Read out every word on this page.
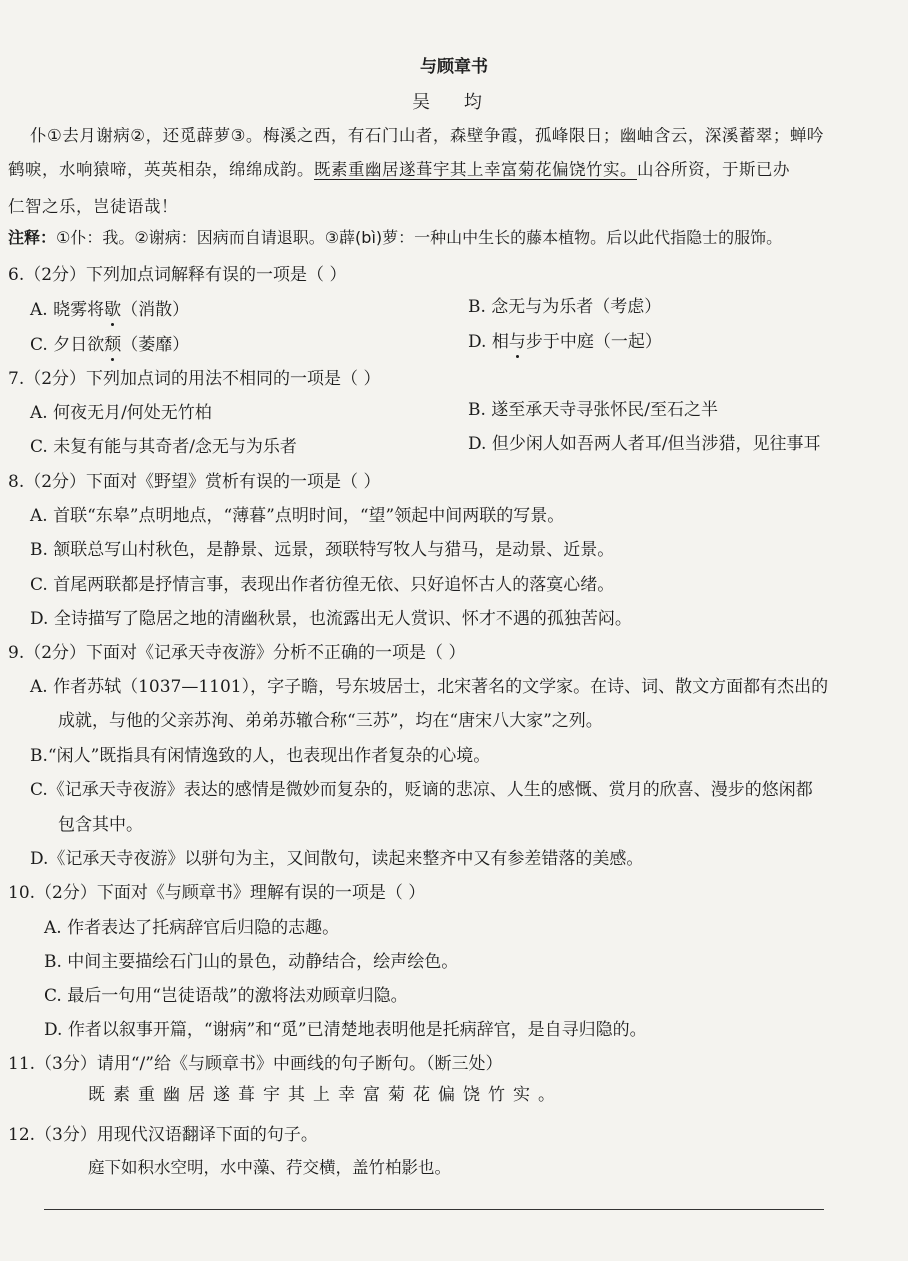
与顾章书
吴 均
仆①去月谢病②，还觅薜萝③。梅溪之西，有石门山者，森壁争霞，孤峰限日；幽岫含云，深溪蓄翠；蝉吟
鹤唳，水响猿啼，英英相杂，绵绵成韵。既素重幽居遂葺宇其上幸富菊花偏饶竹实。山谷所资，于斯已办
仁智之乐，岂徒语哉！
注释：①仆：我。②谢病：因病而自请退职。③薜(bì)萝：一种山中生长的藤本植物。后以此代指隐士的服饰。
6.（2分）下列加点词解释有误的一项是（ ）
A. 晓雾将歇（消散）	B. 念无与为乐者（考虑）
C. 夕日欲颓（萎靡）	D. 相与步于中庭（一起）
7.（2分）下列加点词的用法不相同的一项是（ ）
A. 何夜无月/何处无竹柏	B. 遂至承天寺寻张怀民/至石之半
C. 未复有能与其奇者/念无与为乐者	D. 但少闲人如吾两人者耳/但当涉猎，见往事耳
8.（2分）下面对《野望》赏析有误的一项是（ ）
A. 首联“东皋”点明地点，“薄暮”点明时间，“望”领起中间两联的写景。
B. 颔联总写山村秋色，是静景、远景，颈联特写牧人与猎马，是动景、近景。
C. 首尾两联都是抒情言事，表现出作者彷徨无依、只好追怀古人的落寞心绪。
D. 全诗描写了隐居之地的清幽秋景，也流露出无人赏识、怀才不遇的孤独苦闷。
9.（2分）下面对《记承天寺夜游》分析不正确的一项是（ ）
A. 作者苏轼（1037—1101），字子瞻，号东坡居士，北宋著名的文学家。在诗、词、散文方面都有杰出的
成就，与他的父亲苏洵、弟弟苏辙合称“三苏”，均在“唐宋八大家”之列。
B.“闲人”既指具有闲情逸致的人，也表现出作者复杂的心境。
C.《记承天寺夜游》表达的感情是微妙而复杂的，贬谪的悲凉、人生的感慨、赏月的欣喜、漫步的悠闲都
包含其中。
D.《记承天寺夜游》以骈句为主，又间散句，读起来整齐中又有参差错落的美感。
10.（2分）下面对《与顾章书》理解有误的一项是（ ）
A. 作者表达了托病辞官后归隐的志趣。
B. 中间主要描绘石门山的景色，动静结合，绘声绘色。
C. 最后一句用“岂徒语哉”的激将法劝顾章归隐。
D. 作者以叙事开篇，“谢病”和“觅”已清楚地表明他是托病辞官，是自寻归隐的。
11.（3分）请用“/”给《与顾章书》中画线的句子断句。（断三处）
既素重幽居遂葺宇其上幸富菊花偏饶竹实。
12.（3分）用现代汉语翻译下面的句子。
庭下如积水空明，水中藻、荇交横，盖竹柏影也。
